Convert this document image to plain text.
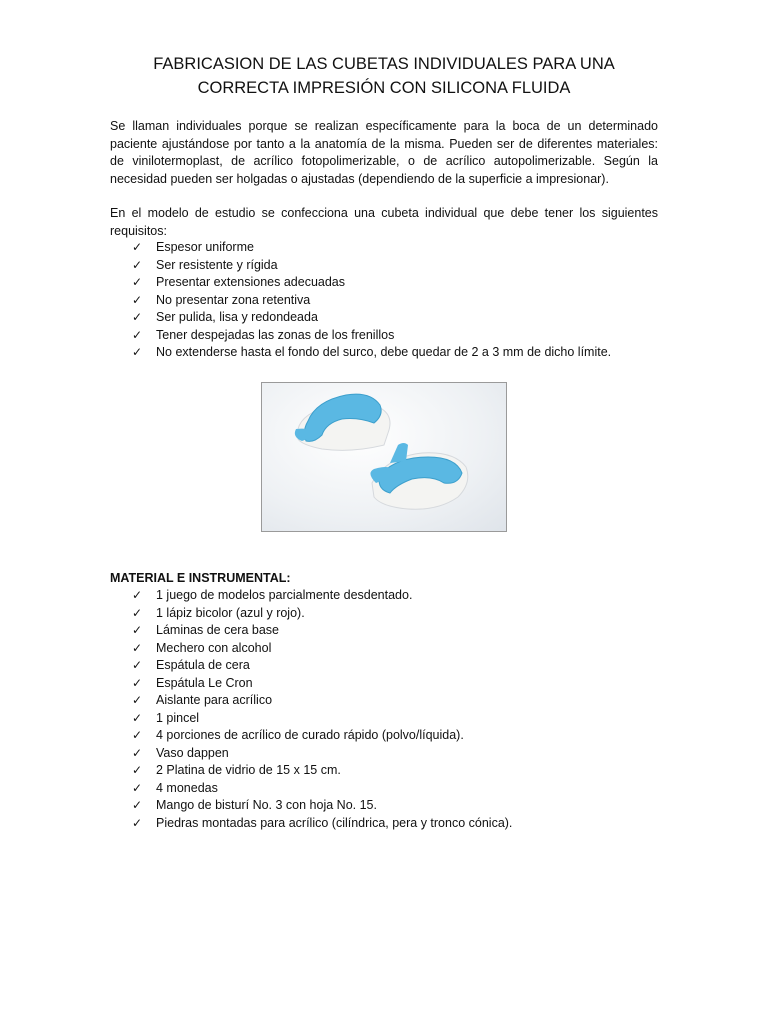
FABRICASION DE LAS CUBETAS INDIVIDUALES PARA UNA
CORRECTA IMPRESIÓN CON SILICONA FLUIDA
Se llaman individuales porque se realizan específicamente para la boca de un determinado paciente ajustándose por tanto a la anatomía de la misma. Pueden ser de diferentes materiales: de vinilotermoplast, de acrílico fotopolimerizable, o de acrílico autopolimerizable. Según la necesidad pueden ser holgadas o ajustadas (dependiendo de la superficie a impresionar).
En el modelo de estudio se confecciona una cubeta individual que debe tener los siguientes requisitos:
✓	Espesor uniforme
✓	Ser resistente y rígida
✓	Presentar extensiones adecuadas
✓	No presentar zona retentiva
✓	Ser pulida, lisa y redondeada
✓	Tener despejadas las zonas de los frenillos
✓	No extenderse hasta el fondo del surco, debe quedar de 2 a 3 mm de dicho límite.
MATERIAL E INSTRUMENTAL:
✓	1 juego de modelos parcialmente desdentado.
✓	1 lápiz bicolor (azul y rojo).
✓	Láminas de cera base
✓	Mechero con alcohol
✓	Espátula de cera
✓	Espátula Le Cron
✓	Aislante para acrílico
✓	1 pincel
✓	4 porciones de acrílico de curado rápido (polvo/líquida).
✓	Vaso dappen
✓	2 Platina de vidrio de 15 x 15 cm.
✓	4 monedas
✓	Mango de bisturí No. 3 con hoja No. 15.
✓	Piedras montadas para acrílico (cilíndrica, pera y tronco cónica).
